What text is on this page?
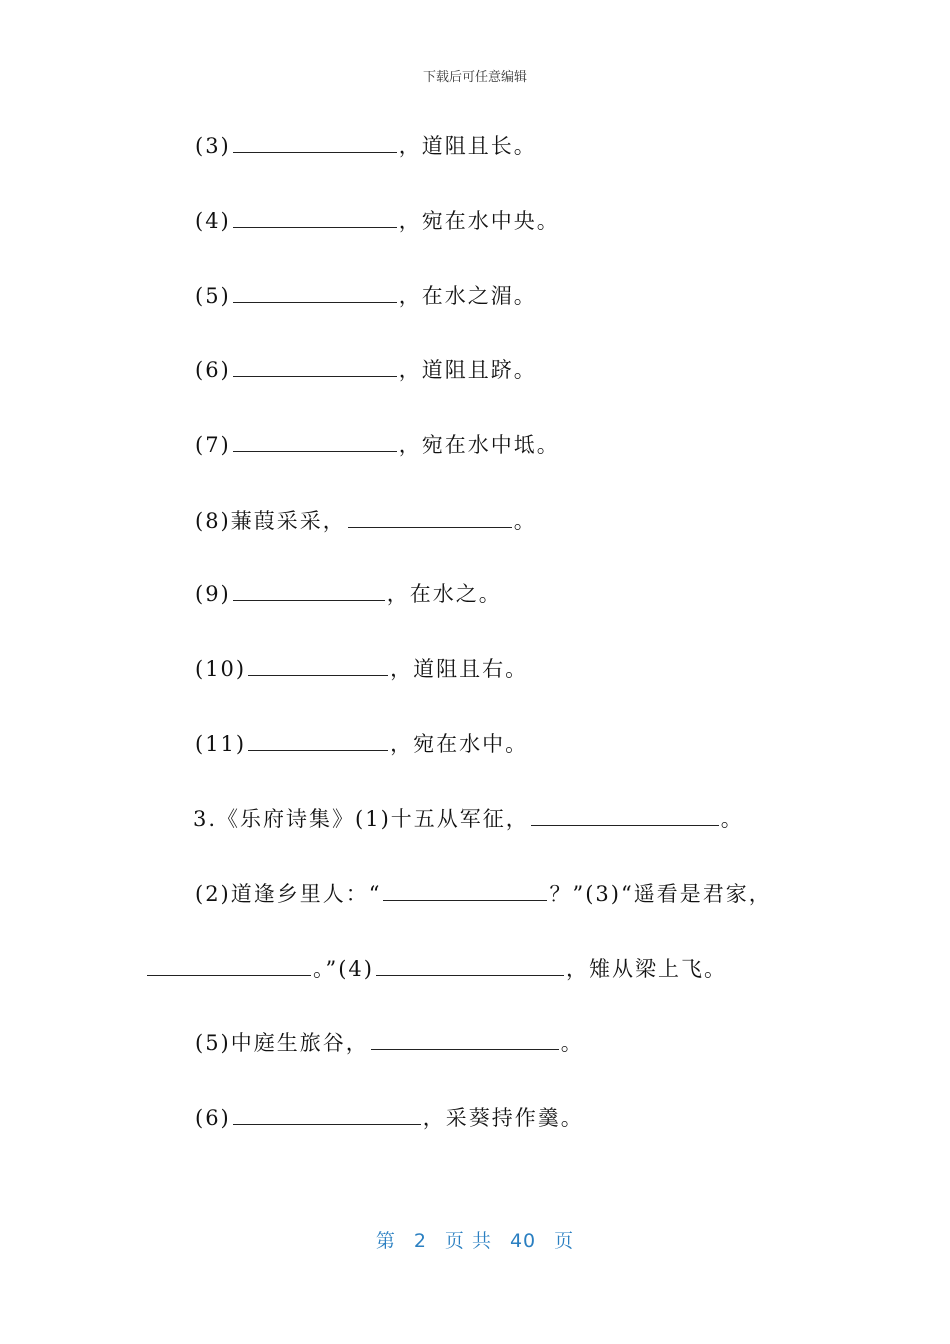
下载后可任意编辑
(3)	，道阻且长。
(4)	，宛在水中央。
(5)	，在水之湄。
(6)	，道阻且跻。
(7)	，宛在水中坻。
(8)蒹葭采采，	。
(9)	，在水之。
(10)	，道阻且右。
(11)	，宛在水中。
3.《乐府诗集》(1)十五从军征，	。
(2)道逢乡里人：“	？”(3)“遥看是君家，
。”(4)	，雉从梁上飞。
(5)中庭生旅谷，	。
(6)	，采葵持作羹。
第 2 页 共 40 页
